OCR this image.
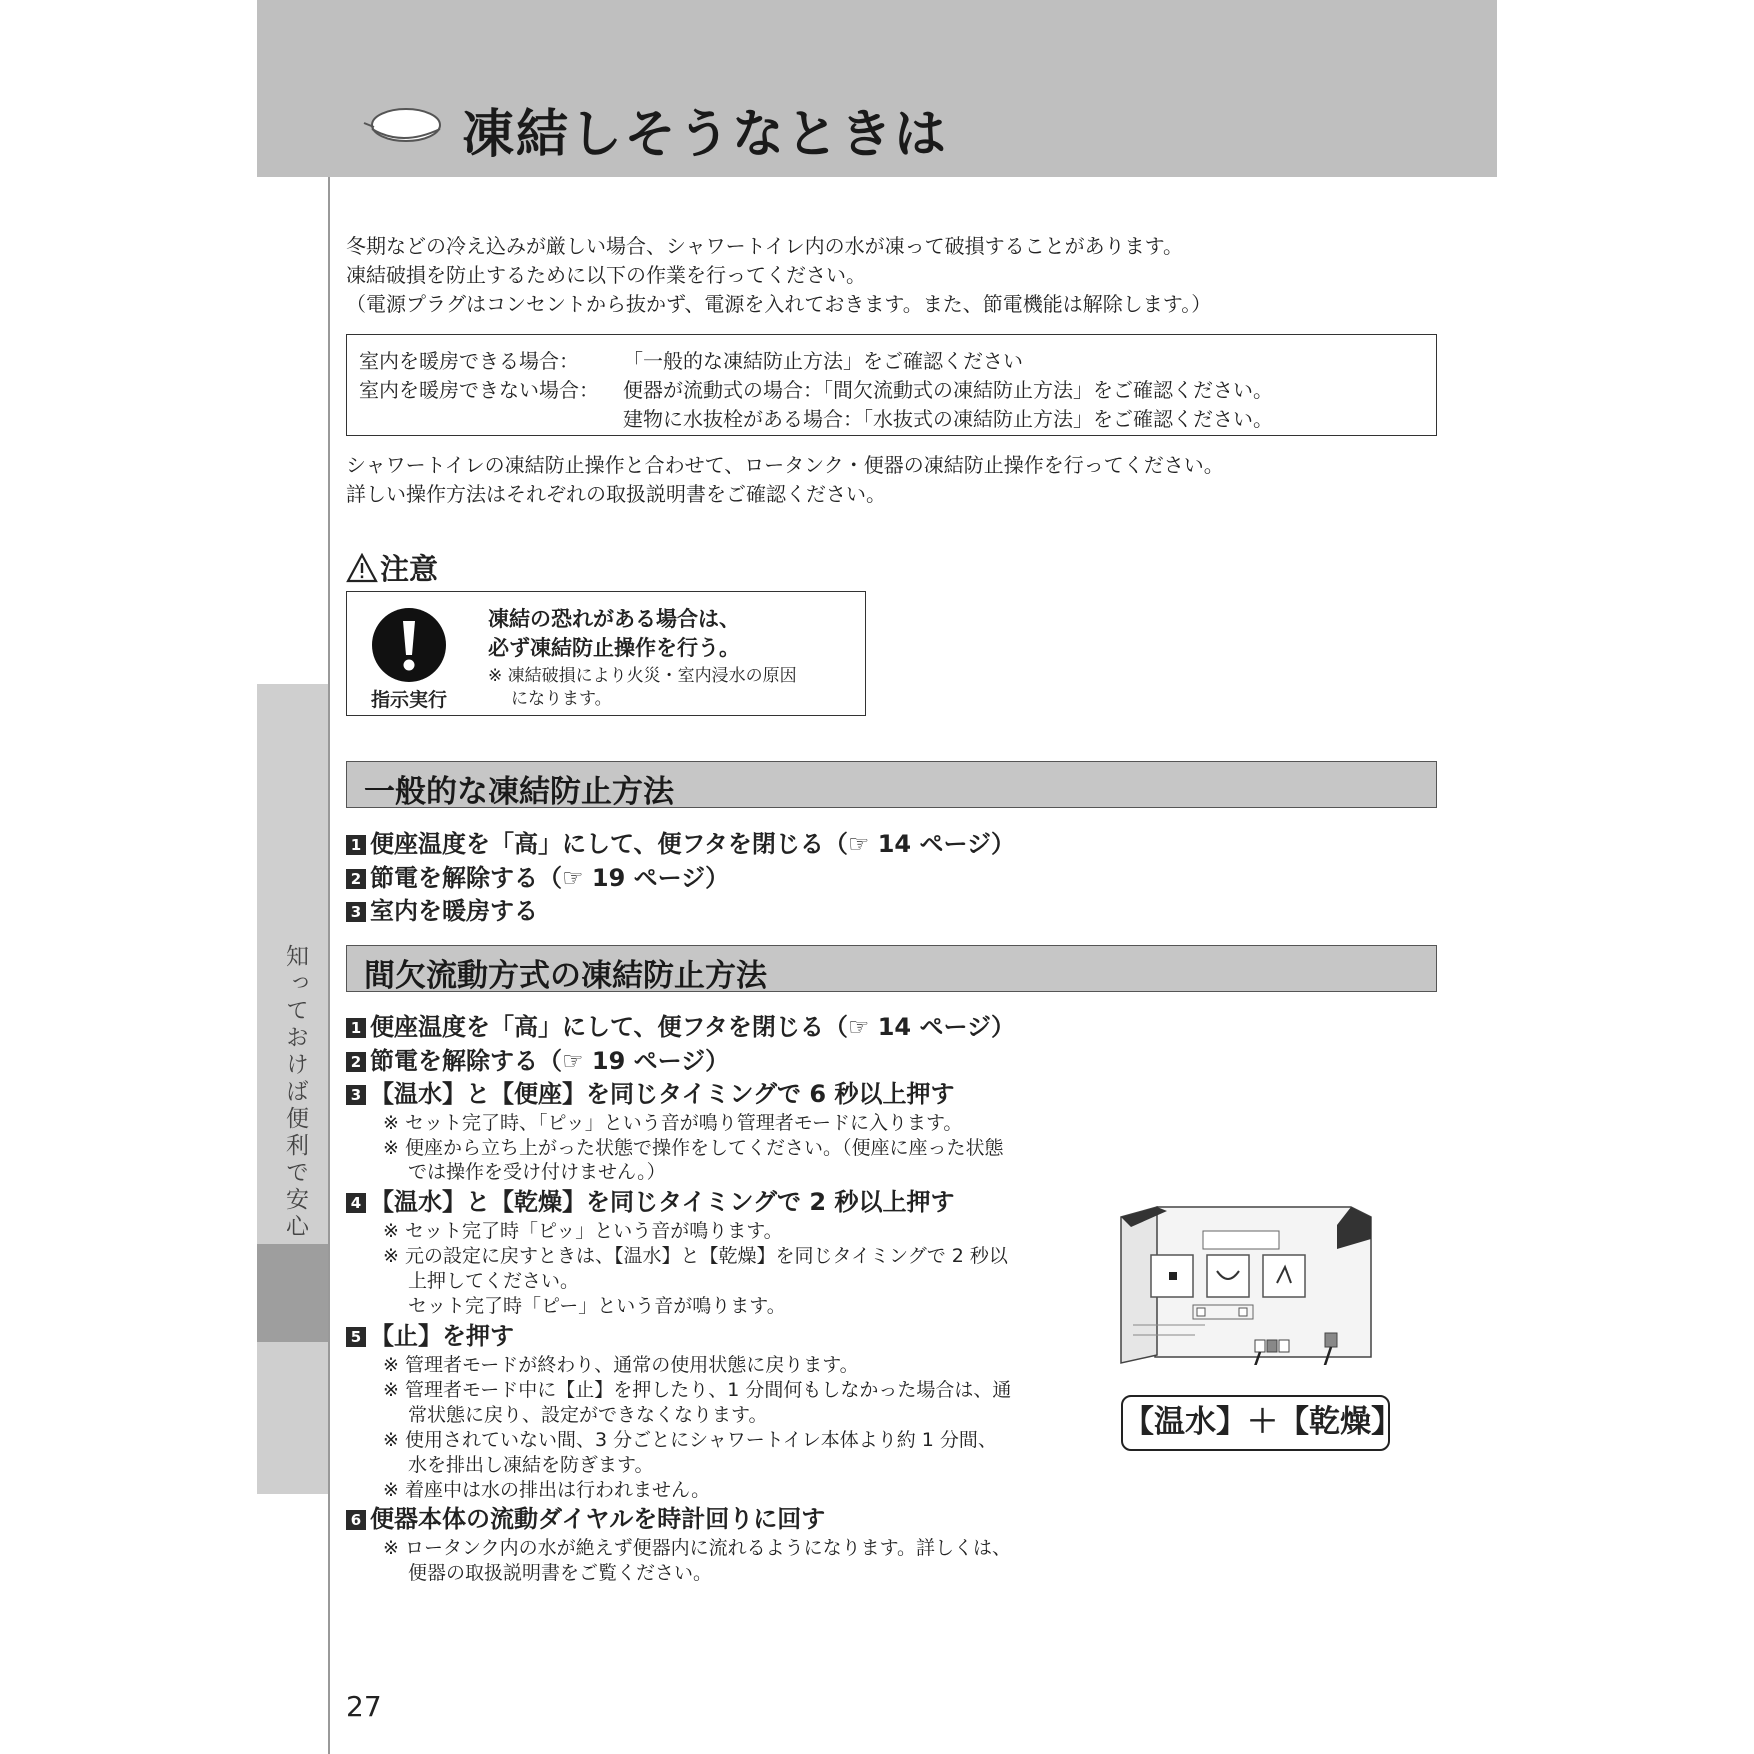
凍結しそうなときは
知っておけば便利で安心
冬期などの冷え込みが厳しい場合、シャワートイレ内の水が凍って破損することがあります。
凍結破損を防止するために以下の作業を行ってください。
（電源プラグはコンセントから抜かず、電源を入れておきます。また、節電機能は解除します。）
室内を暖房できる場合： 「一般的な凍結防止方法」をご確認ください
室内を暖房できない場合： 便器が流動式の場合：「間欠流動式の凍結防止方法」をご確認ください。
建物に水抜栓がある場合：「水抜式の凍結防止方法」をご確認ください。
シャワートイレの凍結防止操作と合わせて、ロータンク・便器の凍結防止操作を行ってください。
詳しい操作方法はそれぞれの取扱説明書をご確認ください。
注意
指示実行
凍結の恐れがある場合は、
必ず凍結防止操作を行う。
※ 凍結破損により火災・室内浸水の原因
になります。
一般的な凍結防止方法
1 便座温度を「高」にして、便フタを閉じる（☞ 14 ページ）
2 節電を解除する（☞ 19 ページ）
3 室内を暖房する
間欠流動方式の凍結防止方法
1 便座温度を「高」にして、便フタを閉じる（☞ 14 ページ）
2 節電を解除する（☞ 19 ページ）
3 【温水】と【便座】を同じタイミングで 6 秒以上押す
※ セット完了時、「ピッ」という音が鳴り管理者モードに入ります。
※ 便座から立ち上がった状態で操作をしてください。（便座に座った状態
　 では操作を受け付けません。）
4 【温水】と【乾燥】を同じタイミングで 2 秒以上押す
※ セット完了時「ピッ」という音が鳴ります。
※ 元の設定に戻すときは、【温水】と【乾燥】を同じタイミングで 2 秒以
　 上押してください。
　 セット完了時「ピー」という音が鳴ります。
5 【止】を押す
※ 管理者モードが終わり、通常の使用状態に戻ります。
※ 管理者モード中に【止】を押したり、1 分間何もしなかった場合は、通
　 常状態に戻り、設定ができなくなります。
※ 使用されていない間、3 分ごとにシャワートイレ本体より約 1 分間、
　 水を排出し凍結を防ぎます。
※ 着座中は水の排出は行われません。
6 便器本体の流動ダイヤルを時計回りに回す
※ ロータンク内の水が絶えず便器内に流れるようになります。詳しくは、
　 便器の取扱説明書をご覧ください。
【温水】＋【乾燥】
27
